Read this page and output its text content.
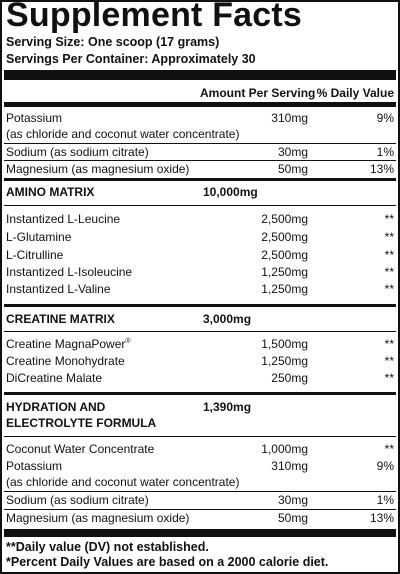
Supplement Facts
Serving Size: One scoop (17 grams)
Servings Per Container: Approximately 30
Amount Per Serving % Daily Value
Potassium	310mg	9%
(as chloride and coconut water concentrate)
Sodium (as sodium citrate)	30mg	1%
Magnesium (as magnesium oxide)	50mg	13%
AMINO MATRIX	10,000mg
Instantized L-Leucine	2,500mg	**
L-Glutamine	2,500mg	**
L-Citrulline	2,500mg	**
Instantized L-Isoleucine	1,250mg	**
Instantized L-Valine	1,250mg	**
CREATINE MATRIX	3,000mg
Creatine MagnaPower®	1,500mg	**
Creatine Monohydrate	1,250mg	**
DiCreatine Malate	250mg	**
HYDRATION AND	1,390mg
ELECTROLYTE FORMULA
Coconut Water Concentrate	1,000mg	**
Potassium	310mg	9%
(as chloride and coconut water concentrate)
Sodium (as sodium citrate)	30mg	1%
Magnesium (as magnesium oxide)	50mg	13%
**Daily value (DV) not established.
*Percent Daily Values are based on a 2000 calorie diet.
